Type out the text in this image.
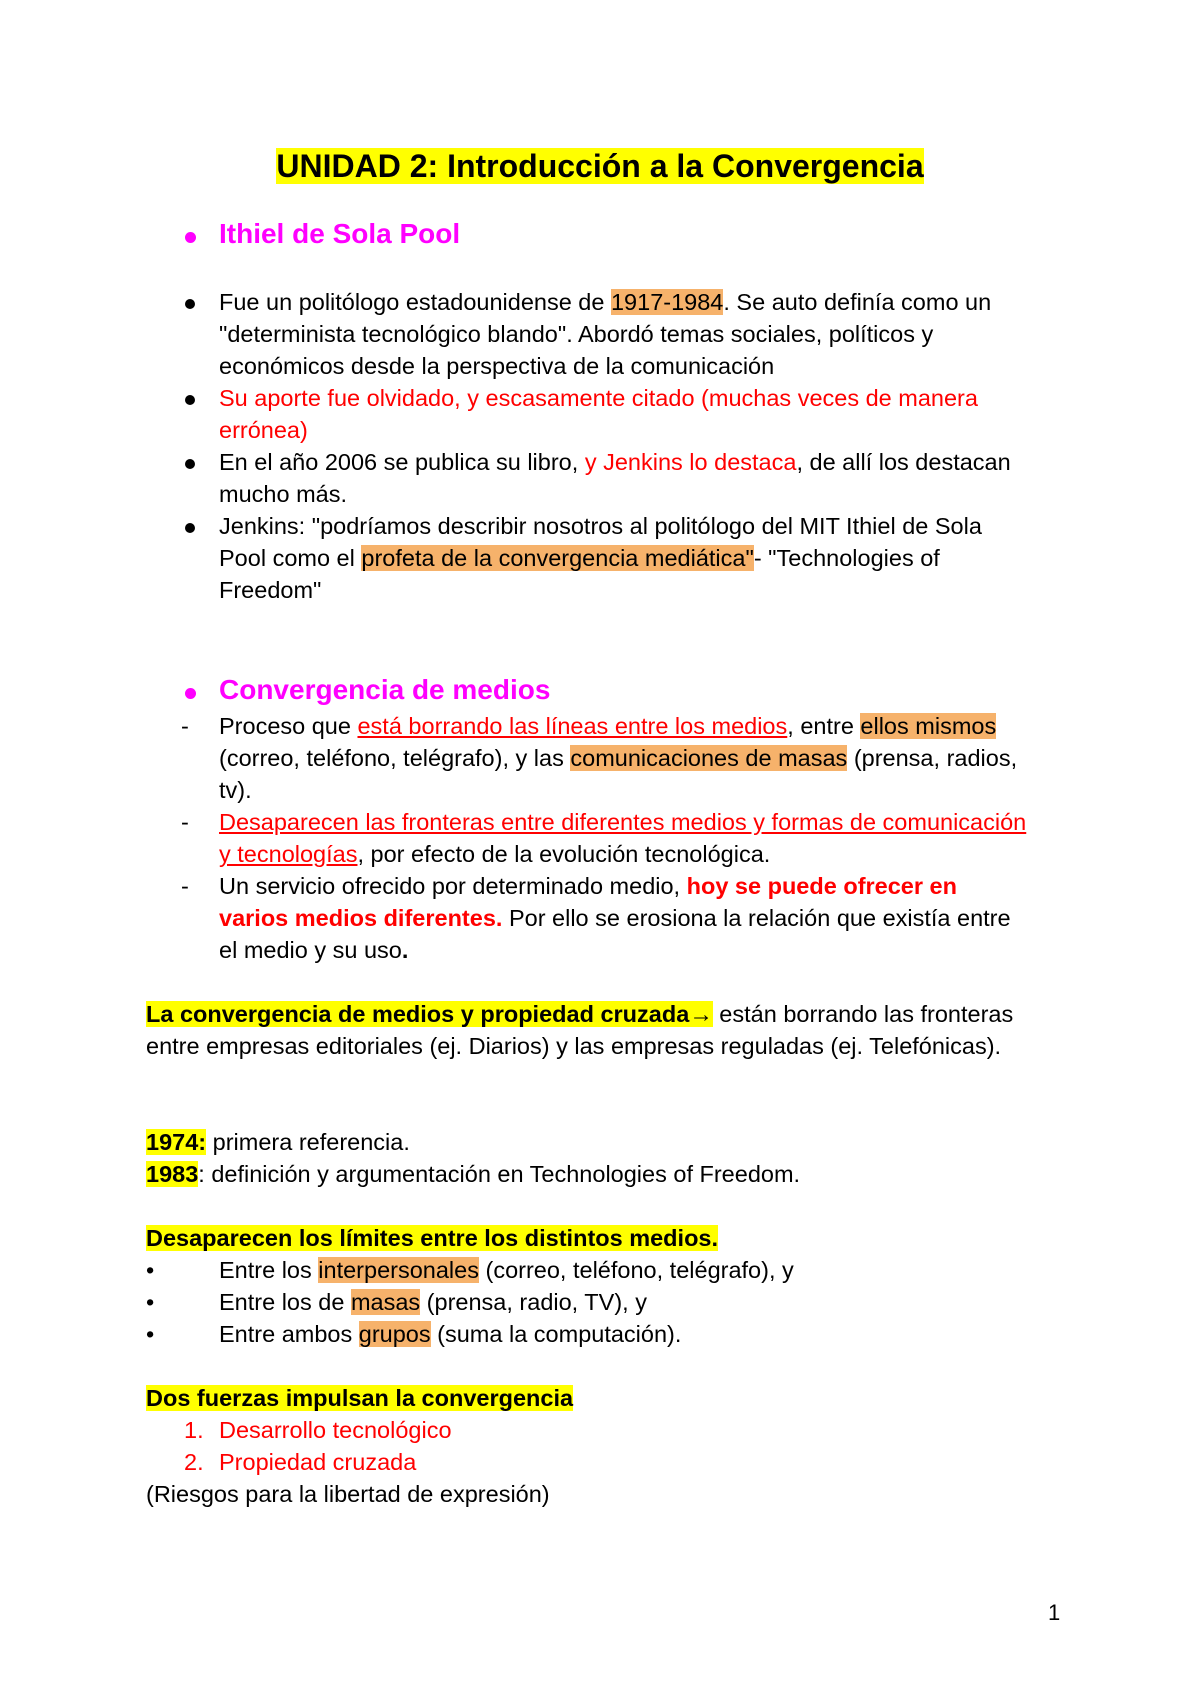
UNIDAD 2: Introducción a la Convergencia
Ithiel de Sola Pool
Fue un politólogo estadounidense de 1917-1984. Se auto definía como un
"determinista tecnológico blando". Abordó temas sociales, políticos y
económicos desde la perspectiva de la comunicación
Su aporte fue olvidado, y escasamente citado (muchas veces de manera
errónea)
En el año 2006 se publica su libro, y Jenkins lo destaca, de allí los destacan
mucho más.
Jenkins: "podríamos describir nosotros al politólogo del MIT Ithiel de Sola
Pool como el profeta de la convergencia mediática"- "Technologies of
Freedom"
Convergencia de medios
- Proceso que está borrando las líneas entre los medios, entre ellos mismos
(correo, teléfono, telégrafo), y las comunicaciones de masas (prensa, radios,
tv).
- Desaparecen las fronteras entre diferentes medios y formas de comunicación
y tecnologías, por efecto de la evolución tecnológica.
- Un servicio ofrecido por determinado medio, hoy se puede ofrecer en
varios medios diferentes. Por ello se erosiona la relación que existía entre
el medio y su uso.
La convergencia de medios y propiedad cruzada→ están borrando las fronteras
entre empresas editoriales (ej. Diarios) y las empresas reguladas (ej. Telefónicas).
1974: primera referencia.
1983: definición y argumentación en Technologies of Freedom.
Desaparecen los límites entre los distintos medios.
•	Entre los interpersonales (correo, teléfono, telégrafo), y
•	Entre los de masas (prensa, radio, TV), y
•	Entre ambos grupos (suma la computación).
Dos fuerzas impulsan la convergencia
1. Desarrollo tecnológico
2. Propiedad cruzada
(Riesgos para la libertad de expresión)
1
